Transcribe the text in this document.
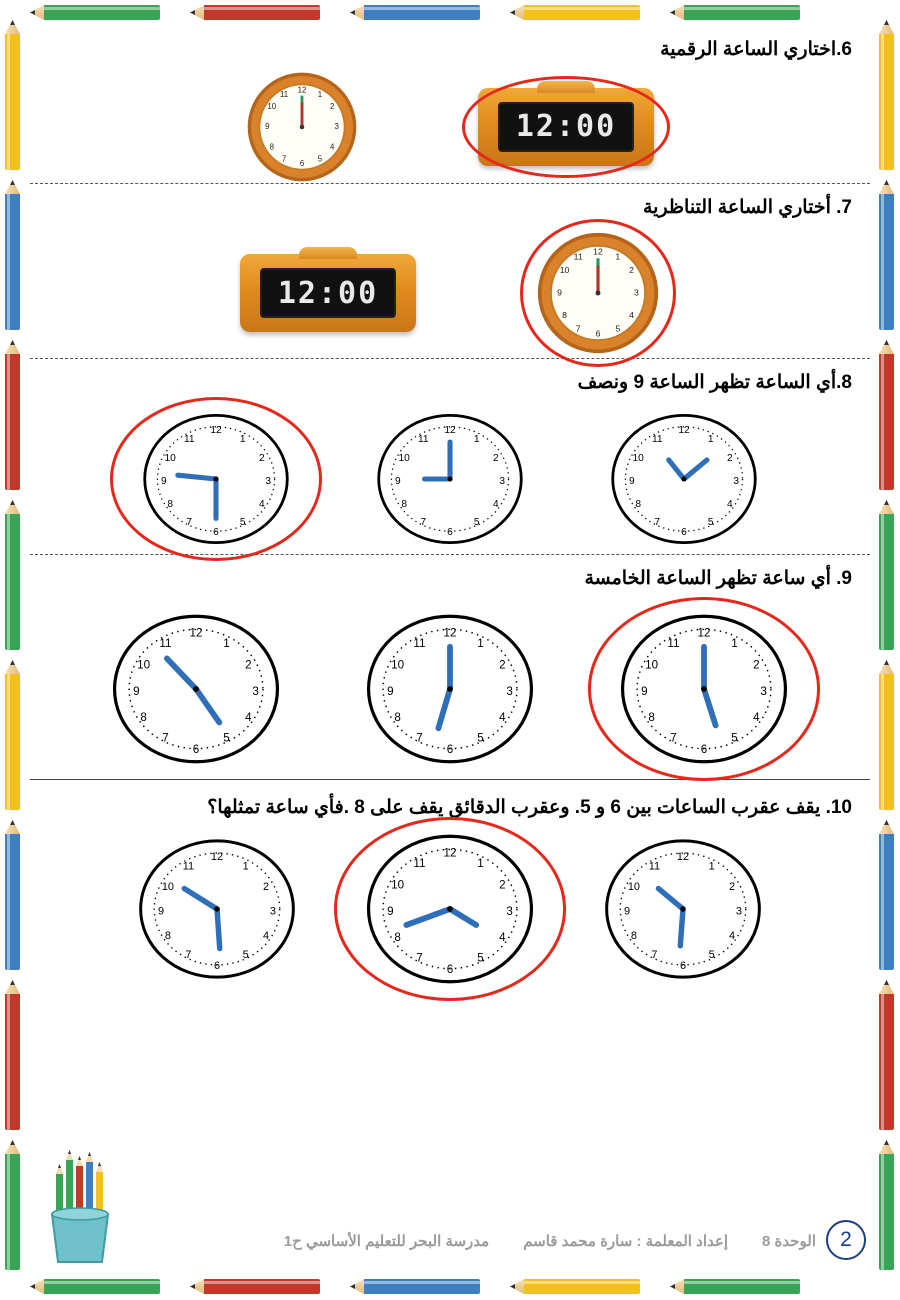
6.اختاري الساعة الرقمية
12:00
12 1
2
3
4
5
6
7
8
9
10
11
7. أختاري الساعة التناظرية
12 1
2
3
4
5
6
7
8
9
10
11
12:00
8.أي الساعة تظهر الساعة 9 ونصف
12
1
2
3
4
5
6
7
8
9
10
11
12
1
2
3
4
5
6
7
8
9
10
11
12
1
2
3
4
5
6
7
8
9
10
11
9. أي ساعة تظهر الساعة الخامسة
12
1
2
3
4
5
6
7
8
9
10
11
12
1
2
3
4
5
6
7
8
9
10
11
12
1
2
3
4
5
6
7
8
9
10
11
10. يقف عقرب الساعات بين 6 و 5. وعقرب الدقائق يقف على 8 .فأي ساعة تمثلها؟
12
1
2
3
4
5
6
7
8
9
10
11
12
1
2
3
4
5
6
7
8
9
10
11
12
1
2
3
4
5
6
7
8
9
10
11
2
الوحدة 8
إعداد المعلمة : سارة محمد قاسم
مدرسة البحر للتعليم الأساسي ح1
